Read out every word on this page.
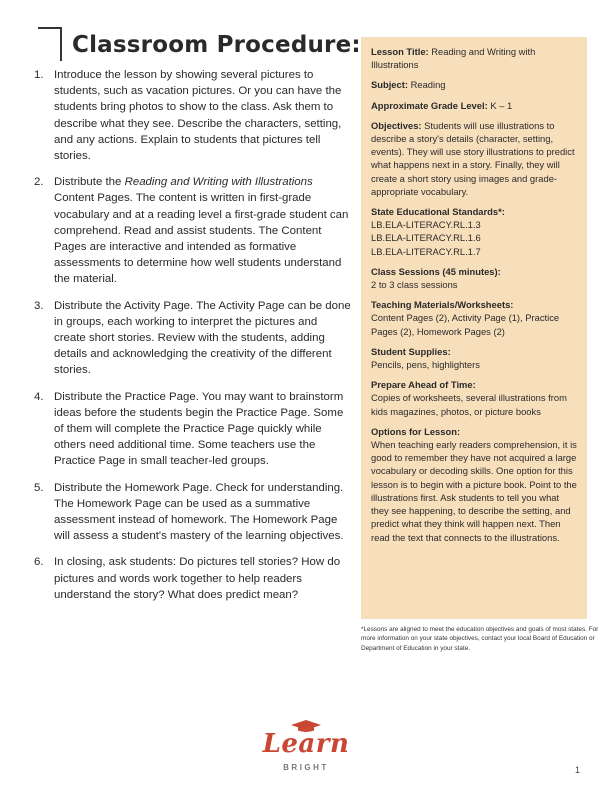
Classroom Procedure:
1. Introduce the lesson by showing several pictures to students, such as vacation pictures. Or you can have the students bring photos to show to the class. Ask them to describe what they see. Describe the characters, setting, and any actions. Explain to students that pictures tell stories.
2. Distribute the Reading and Writing with Illustrations Content Pages. The content is written in first-grade vocabulary and at a reading level a first-grade student can comprehend. Read and assist students. The Content Pages are interactive and intended as formative assessments to determine how well students understand the material.
3. Distribute the Activity Page. The Activity Page can be done in groups, each working to interpret the pictures and create short stories. Review with the students, adding details and acknowledging the creativity of the different stories.
4. Distribute the Practice Page. You may want to brainstorm ideas before the students begin the Practice Page. Some of them will complete the Practice Page quickly while others need additional time. Some teachers use the Practice Page in small teacher-led groups.
5. Distribute the Homework Page. Check for understanding. The Homework Page can be used as a summative assessment instead of homework. The Homework Page will assess a student's mastery of the learning objectives.
6. In closing, ask students: Do pictures tell stories? How do pictures and words work together to help readers understand the story? What does predict mean?
Lesson Title: Reading and Writing with Illustrations
Subject: Reading
Approximate Grade Level: K – 1
Objectives: Students will use illustrations to describe a story's details (character, setting, events). They will use story illustrations to predict what happens next in a story. Finally, they will create a short story using images and grade-appropriate vocabulary.
State Educational Standards*:
LB.ELA-LITERACY.RL.1.3
LB.ELA-LITERACY.RL.1.6
LB.ELA-LITERACY.RL.1.7
Class Sessions (45 minutes):
2 to 3 class sessions
Teaching Materials/Worksheets:
Content Pages (2), Activity Page (1), Practice Pages (2), Homework Pages (2)
Student Supplies:
Pencils, pens, highlighters
Prepare Ahead of Time:
Copies of worksheets, several illustrations from kids magazines, photos, or picture books
Options for Lesson:
When teaching early readers comprehension, it is good to remember they have not acquired a large vocabulary or decoding skills. One option for this lesson is to begin with a picture book. Point to the illustrations first. Ask students to tell you what they see happening, to describe the setting, and predict what they think will happen next. Then read the text that connects to the illustrations.

*Lessons are aligned to meet the education objectives and goals of most states. For more information on your state objectives, contact your local Board of Education or Department of Education in your state.

Learn
BRIGHT	1
